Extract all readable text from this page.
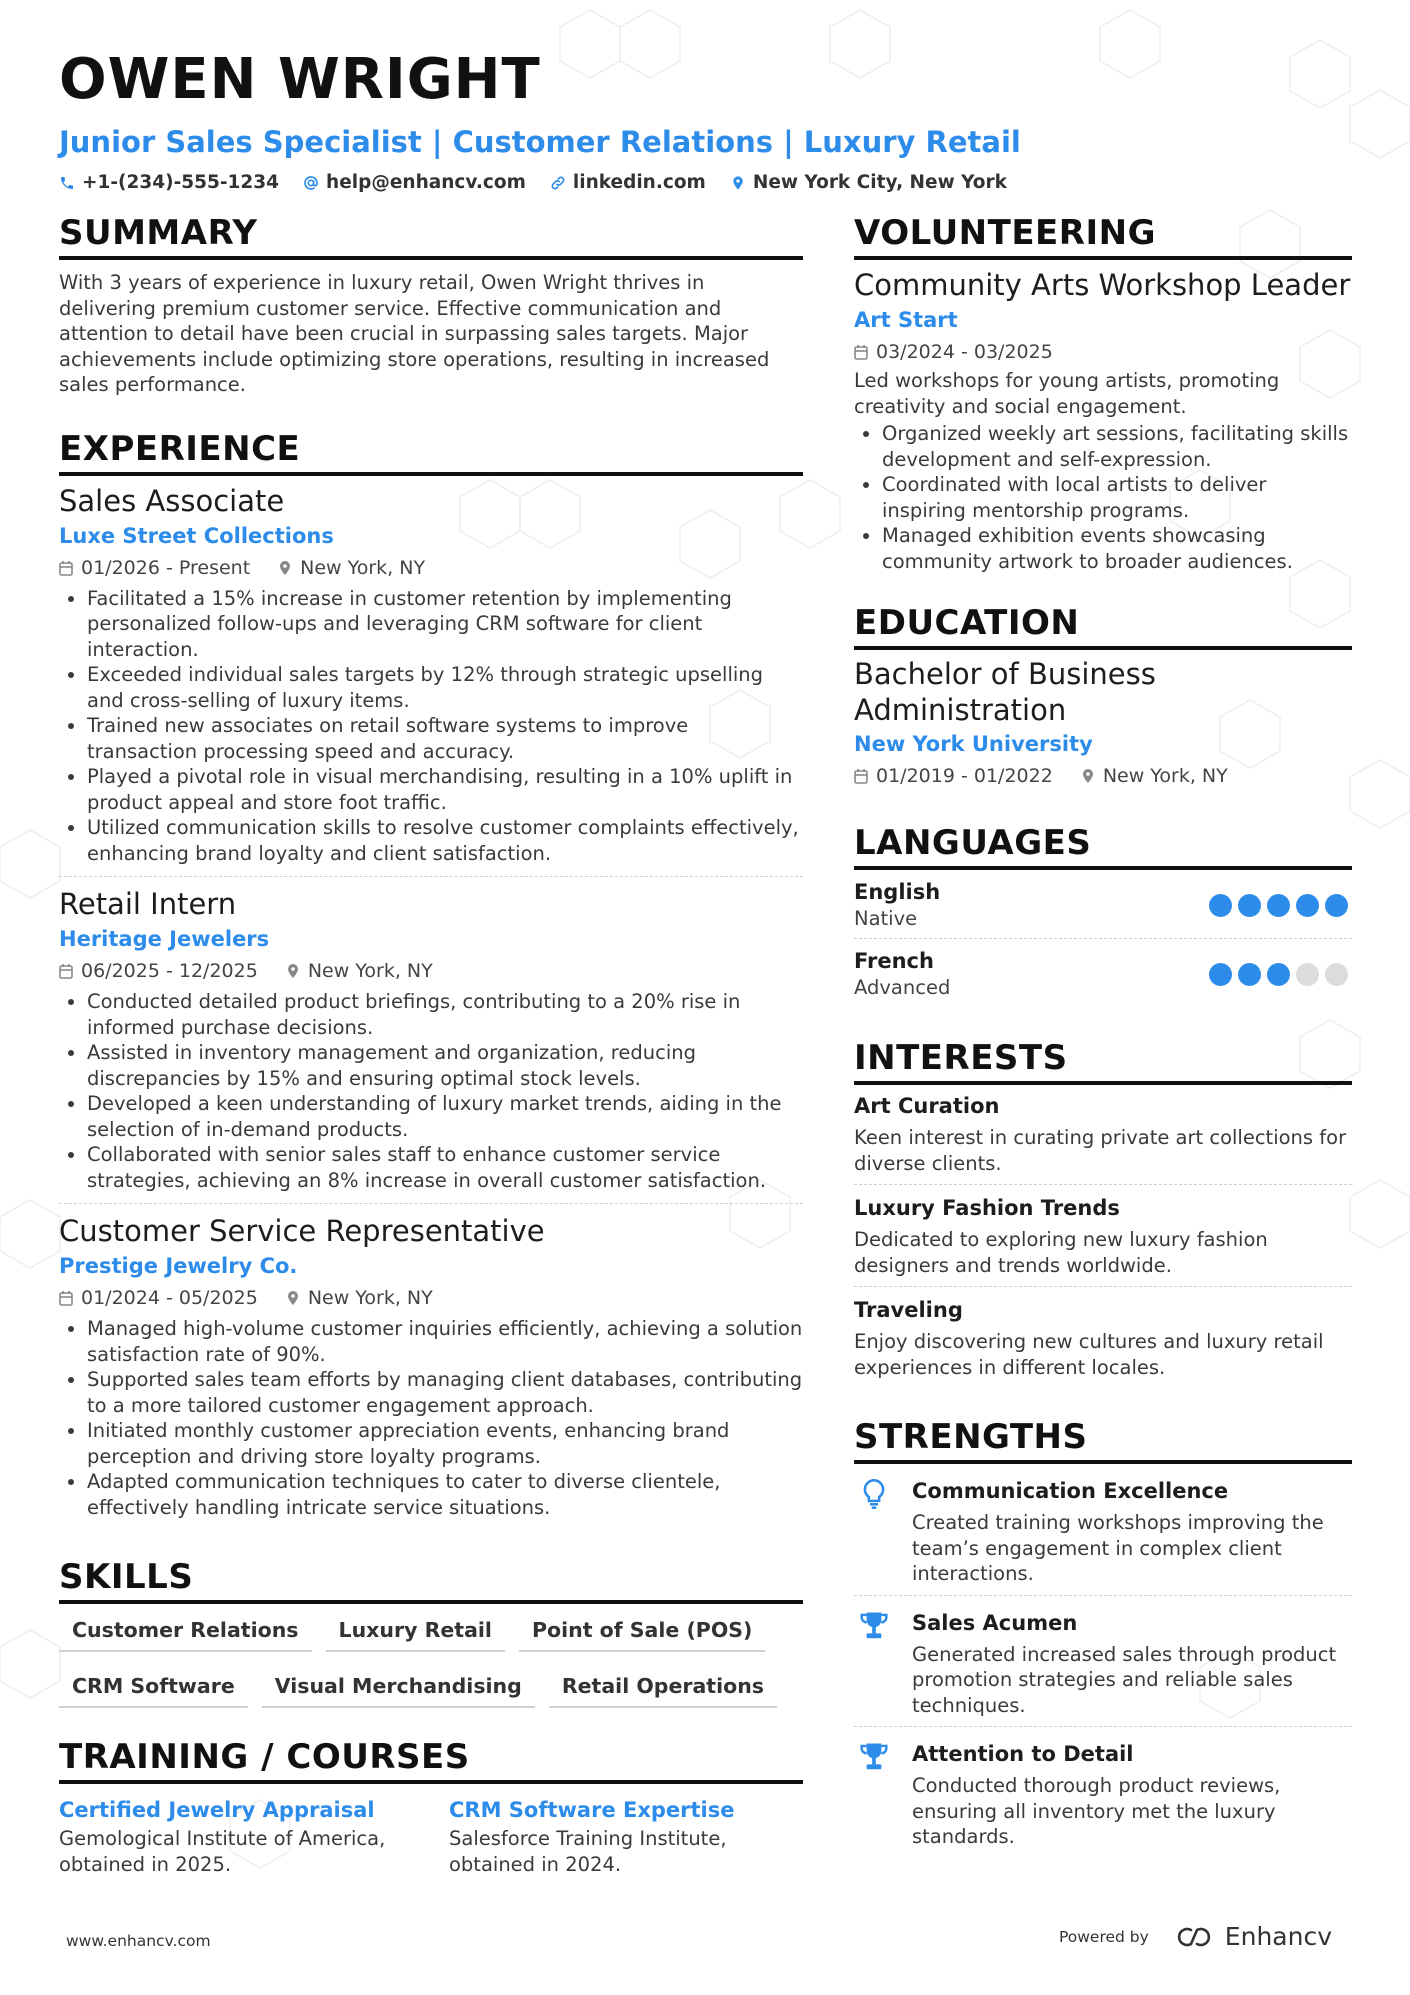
OWEN WRIGHT
Junior Sales Specialist | Customer Relations | Luxury Retail
+1-(234)-555-1234	help@enhancv.com	linkedin.com	New York City, New York
SUMMARY
With 3 years of experience in luxury retail, Owen Wright thrives in delivering premium customer service. Effective communication and attention to detail have been crucial in surpassing sales targets. Major achievements include optimizing store operations, resulting in increased sales performance.
EXPERIENCE
Sales Associate
Luxe Street Collections
01/2026 - Present	New York, NY
• Facilitated a 15% increase in customer retention by implementing personalized follow-ups and leveraging CRM software for client interaction.
• Exceeded individual sales targets by 12% through strategic upselling and cross-selling of luxury items.
• Trained new associates on retail software systems to improve transaction processing speed and accuracy.
• Played a pivotal role in visual merchandising, resulting in a 10% uplift in product appeal and store foot traffic.
• Utilized communication skills to resolve customer complaints effectively, enhancing brand loyalty and client satisfaction.
Retail Intern
Heritage Jewelers
06/2025 - 12/2025	New York, NY
• Conducted detailed product briefings, contributing to a 20% rise in informed purchase decisions.
• Assisted in inventory management and organization, reducing discrepancies by 15% and ensuring optimal stock levels.
• Developed a keen understanding of luxury market trends, aiding in the selection of in-demand products.
• Collaborated with senior sales staff to enhance customer service strategies, achieving an 8% increase in overall customer satisfaction.
Customer Service Representative
Prestige Jewelry Co.
01/2024 - 05/2025	New York, NY
• Managed high-volume customer inquiries efficiently, achieving a solution satisfaction rate of 90%.
• Supported sales team efforts by managing client databases, contributing to a more tailored customer engagement approach.
• Initiated monthly customer appreciation events, enhancing brand perception and driving store loyalty programs.
• Adapted communication techniques to cater to diverse clientele, effectively handling intricate service situations.
SKILLS
Customer Relations	Luxury Retail	Point of Sale (POS)
CRM Software	Visual Merchandising	Retail Operations
TRAINING / COURSES
Certified Jewelry Appraisal
Gemological Institute of America, obtained in 2025.
CRM Software Expertise
Salesforce Training Institute, obtained in 2024.
VOLUNTEERING
Community Arts Workshop Leader
Art Start
03/2024 - 03/2025
Led workshops for young artists, promoting creativity and social engagement.
• Organized weekly art sessions, facilitating skills development and self-expression.
• Coordinated with local artists to deliver inspiring mentorship programs.
• Managed exhibition events showcasing community artwork to broader audiences.
EDUCATION
Bachelor of Business Administration
New York University
01/2019 - 01/2022	New York, NY
LANGUAGES
English
Native
French
Advanced
INTERESTS
Art Curation
Keen interest in curating private art collections for diverse clients.
Luxury Fashion Trends
Dedicated to exploring new luxury fashion designers and trends worldwide.
Traveling
Enjoy discovering new cultures and luxury retail experiences in different locales.
STRENGTHS
Communication Excellence
Created training workshops improving the team’s engagement in complex client interactions.
Sales Acumen
Generated increased sales through product promotion strategies and reliable sales techniques.
Attention to Detail
Conducted thorough product reviews, ensuring all inventory met the luxury standards.
www.enhancv.com	Powered by	Enhancv
